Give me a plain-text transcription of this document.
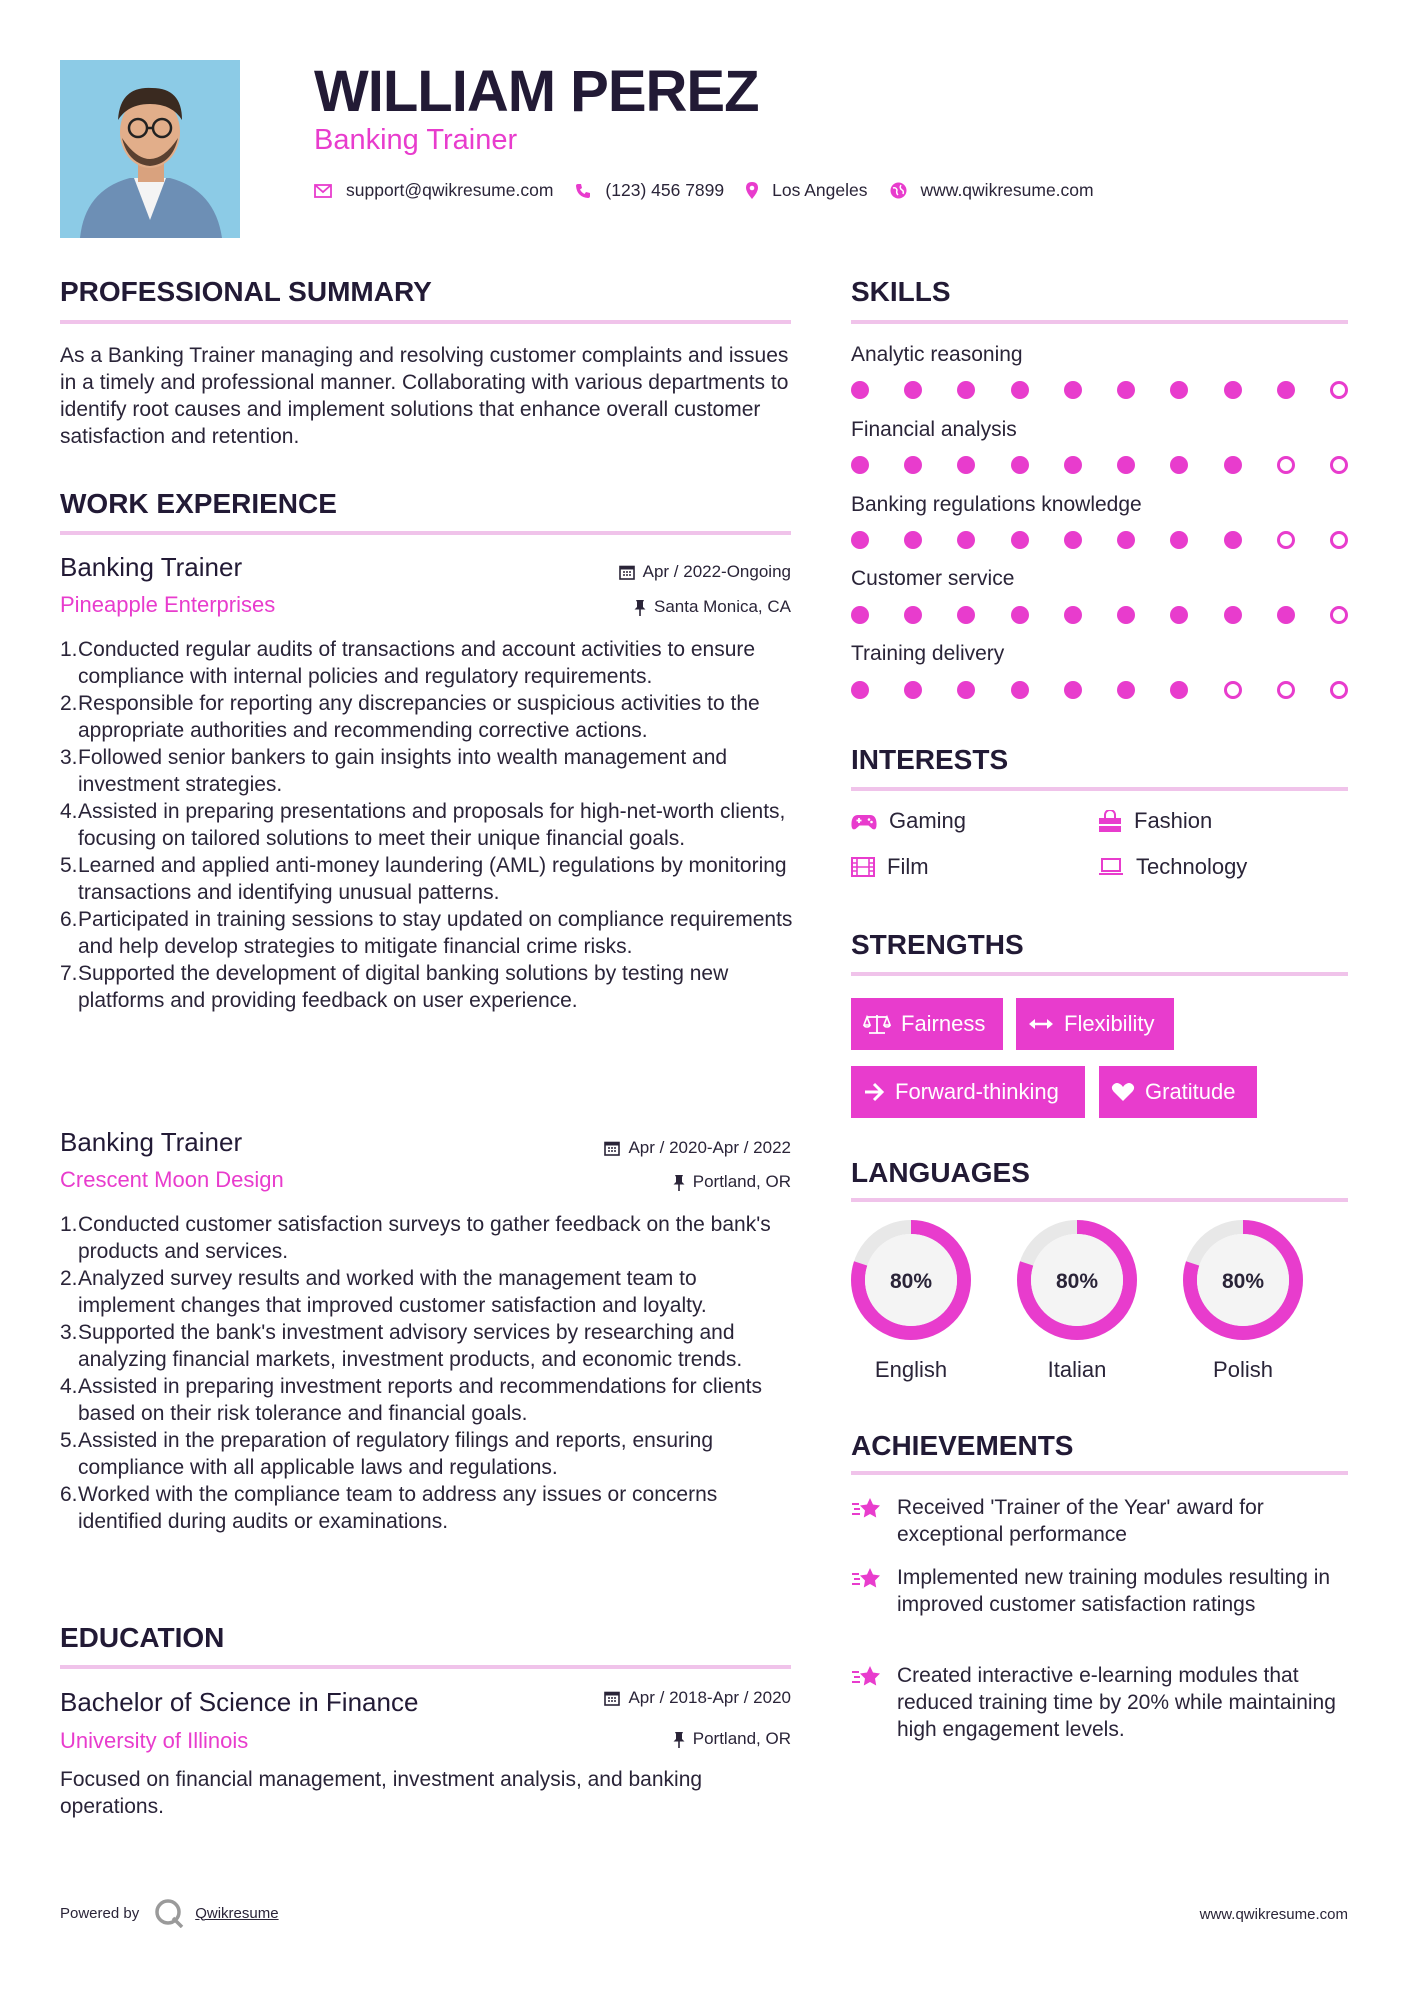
WILLIAM PEREZ
Banking Trainer
support@qwikresume.com	(123) 456 7899	Los Angeles	www.qwikresume.com
PROFESSIONAL SUMMARY
As a Banking Trainer managing and resolving customer complaints and issues in a timely and professional manner. Collaborating with various departments to identify root causes and implement solutions that enhance overall customer satisfaction and retention.
WORK EXPERIENCE
Banking Trainer
Pineapple Enterprises
Apr / 2022-Ongoing
Santa Monica, CA
1. Conducted regular audits of transactions and account activities to ensure compliance with internal policies and regulatory requirements.
2. Responsible for reporting any discrepancies or suspicious activities to the appropriate authorities and recommending corrective actions.
3. Followed senior bankers to gain insights into wealth management and investment strategies.
4. Assisted in preparing presentations and proposals for high-net-worth clients, focusing on tailored solutions to meet their unique financial goals.
5. Learned and applied anti-money laundering (AML) regulations by monitoring transactions and identifying unusual patterns.
6. Participated in training sessions to stay updated on compliance requirements and help develop strategies to mitigate financial crime risks.
7. Supported the development of digital banking solutions by testing new platforms and providing feedback on user experience.
Banking Trainer
Crescent Moon Design
Apr / 2020-Apr / 2022
Portland, OR
1. Conducted customer satisfaction surveys to gather feedback on the bank's products and services.
2. Analyzed survey results and worked with the management team to implement changes that improved customer satisfaction and loyalty.
3. Supported the bank's investment advisory services by researching and analyzing financial markets, investment products, and economic trends.
4. Assisted in preparing investment reports and recommendations for clients based on their risk tolerance and financial goals.
5. Assisted in the preparation of regulatory filings and reports, ensuring compliance with all applicable laws and regulations.
6. Worked with the compliance team to address any issues or concerns identified during audits or examinations.
EDUCATION
Bachelor of Science in Finance
University of Illinois
Apr / 2018-Apr / 2020
Portland, OR
Focused on financial management, investment analysis, and banking operations.
SKILLS
Analytic reasoning
Financial analysis
Banking regulations knowledge
Customer service
Training delivery
INTERESTS
Gaming	Fashion
Film	Technology
STRENGTHS
Fairness	Flexibility
Forward-thinking	Gratitude
LANGUAGES
80%
English
80%
Italian
80%
Polish
ACHIEVEMENTS
Received 'Trainer of the Year' award for exceptional performance
Implemented new training modules resulting in improved customer satisfaction ratings
Created interactive e-learning modules that reduced training time by 20% while maintaining high engagement levels.
Powered by	Qwikresume	www.qwikresume.com
